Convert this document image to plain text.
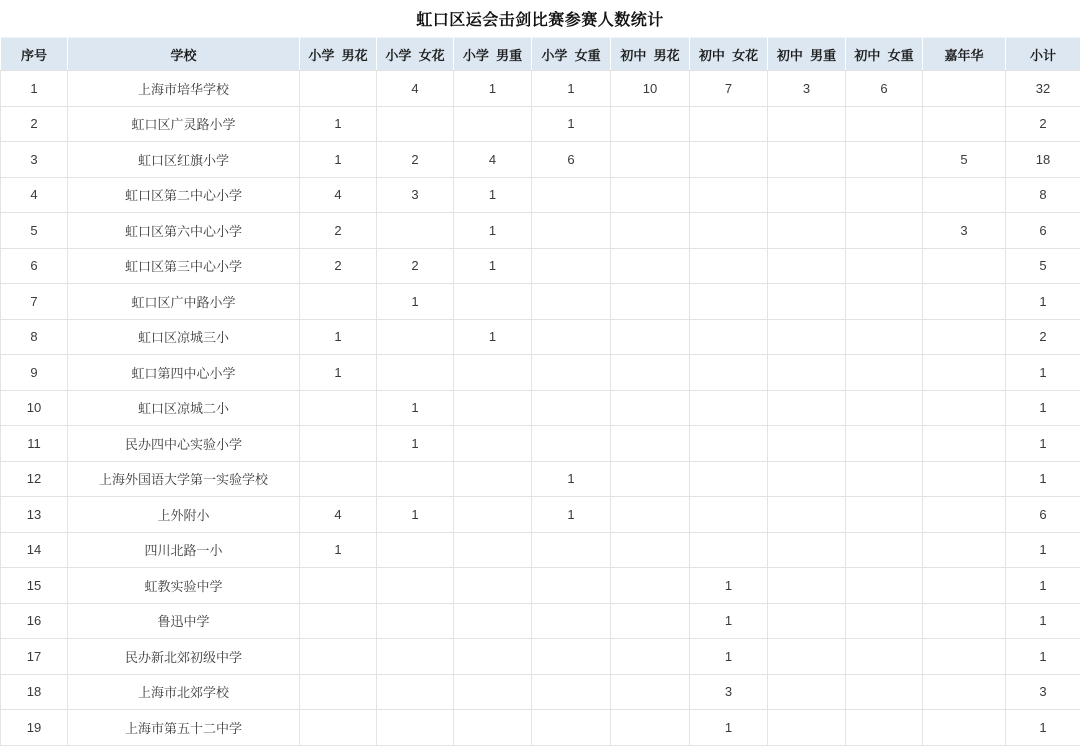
虹口区运会击剑比赛参赛人数统计
序号	学校	小学  男花	小学  女花	小学  男重	小学  女重	初中  男花	初中  女花	初中  男重	初中  女重	嘉年华	小计
1	上海市培华学校		4	1	1	10	7	3	6		32
2	虹口区广灵路小学	1			1						2
3	虹口区红旗小学	1	2	4	6					5	18
4	虹口区第二中心小学	4	3	1							8
5	虹口区第六中心小学	2		1						3	6
6	虹口区第三中心小学	2	2	1							5
7	虹口区广中路小学		1								1
8	虹口区凉城三小	1		1							2
9	虹口第四中心小学	1									1
10	虹口区凉城二小		1								1
11	民办四中心实验小学		1								1
12	上海外国语大学第一实验学校				1						1
13	上外附小	4	1		1						6
14	四川北路一小	1									1
15	虹教实验中学						1				1
16	鲁迅中学						1				1
17	民办新北郊初级中学						1				1
18	上海市北郊学校						3				3
19	上海市第五十二中学						1				1
